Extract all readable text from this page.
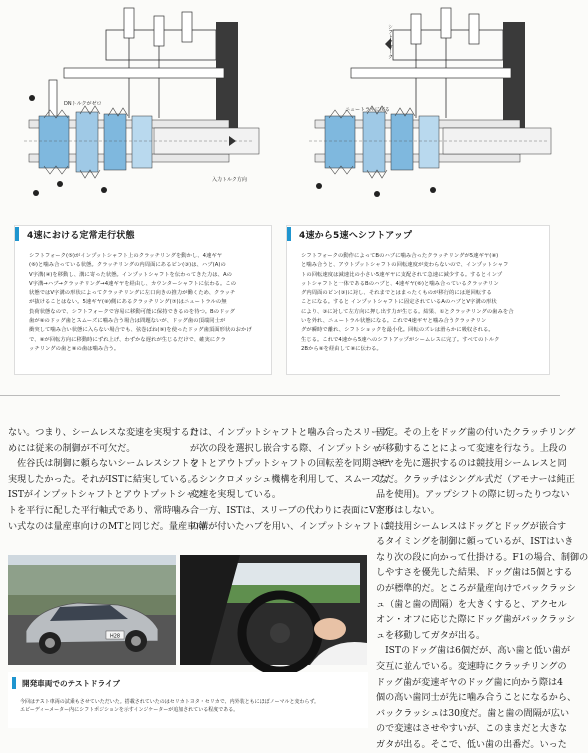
DNトルクがゼロ
入力トルク方向
シフトフォーク
ニュートラルに戻る
4速における定常走行状態
シフトフォーク(⑤)がインプットシャフト上のクラッチリングを動かし、4速ギヤ
(⑥)と噛み合っている状態。クラッチリングの内周面にあるピン(③)は、ハブ(A)の
V字溝(④)を移動し、溝に寄った状態。インプットシャフトを伝わってきた力は、Aの
V字溝→ハブ→クラッチリング→4速ギヤを経由し、カウンターシャフトに伝わる。この
状態ではV字溝の形状によってクラッチリングに左口向きの推力が働くため、クラッチ
が抜けることはない。5速ギヤ(⑧)側にあるクラッチリング(⑦)はニュートラルの無
負荷状態なので、シフトフォークで容易に移動可能に保持できるのを待つ。Bのドッグ
歯が⑧のドッグ歯とスムーズに噛み合う場合は問題ないが、ドッグ歯の頂端同士が
衝突して噛み合い状態に入らない場合でも、弦巻ばね(⑨)を使ったドッグ歯頂面形状のおかげ
で、⑧が回転方向に移動時にずれ上げ、わずかな遅れが生じるだけで、確実にクラ
ッチリングの歯と⑧の歯は噛み合う。
4速から5速へシフトアップ
シフトフォークの動作によってBのハブに噛み合ったクラッチリングが5速ギヤ(⑧)
と噛み合うと、アウトプットシャフトの回転速度が変わらないので、インプットシャフ
トの回転速度は減速比の小さい5速ギヤに支配されて急速に減少する。するとインプ
ットシャフトと一体であるBのハブと、4速ギヤ(⑥)と噛み合っているクラッチリン
グ内周面のピン(③)に対し、それまでとはまったくものが移行的には逆回転する
ことになる。すると インプットシャフトに固定されているAのハブとV字溝の形状
により、③に対して左方向に押し出す力が生じる。結果、①とクラッチリングの歯みを合
いを外れ、ニュートラル状態になる。これで4速ギヤと噛み合うクラッチリン
グが瞬時で離れ、シフトショックを最小化。回転のズレは滑らかに吸収される。
生じる。これで4速から5速へのシフトアップがシームレスに完了。すべてのトルク
2Bから⑧を経由して⑧に伝わる。
ない。つまり、シームレスな変速を実現するた
めには従来の制御が不可欠だ。
　佐谷氏は制御に頼らないシームレスシフトを
実現したかった。それがISTに結実している。
ISTがインプットシャフトとアウトプットシャフ
トを平行に配した平行軸式であり、常時噛み合
い式なのは量産車向けのMTと同じだ。量産車向
けは、インプットシャフトと噛み合ったスリーブ
が次の段を選択し嵌合する際、インプットシャ
フトとアウトプットシャフトの回転差を同期させ
るシンクロメッシュ機構を利用して、スムーズな
変速を実現している。
　一方、ISTは、スリーブの代わりに表面にV字形
の溝が付いたハブを用い、インプットシャフトに
固定。その上をドッグ歯の付いたクラッチリング
が移動することによって変速を行なう。上段の
ギヤを先に選択するのは競技用シームレスと同
じだ。クラッチはシングル式だ（アモナーは純正
品を使用)。アップシフトの際に切ったりつない
だりはしない。
　競技用シームレスはドッグとドッグが嵌合す
るタイミングを制御に頼っているが、ISTはいき
なり次の段に向かって仕掛ける。F1の場合、制御の
しやすさを優先した結果、ドッグ歯は5個とする
のが標準的だ。ところが量産向けでバックラッシ
ュ（歯と歯の間隔）を大きくすると、アクセル
オン・オフに応じた際にドッグ歯がバックラッシ
ュを移動してガタが出る。
　ISTのドッグ歯は6個だが、高い歯と低い歯が
交互に並んでいる。変速時にクラッチリングの
ドッグ歯が変速ギヤのドッグ歯に向かう際は4
個の高い歯同士が先に噛み合うことになるから、
バックラッシュは30度だ。歯と歯の間隔が広い
ので変速はさせやすいが、このままだと大きな
ガタが出る。そこで、低い歯の出番だ。いった
H28
開発車両でのテストドライブ
今回はテスト車両の試乗もさせていただいた。搭載されていたのはセリカトヨタ・セリカで、内外装ともにほぼノーマルと変わらず。
エビーディーメーター内にシフトポジションを示すインジケーターが追加されている程度である。
